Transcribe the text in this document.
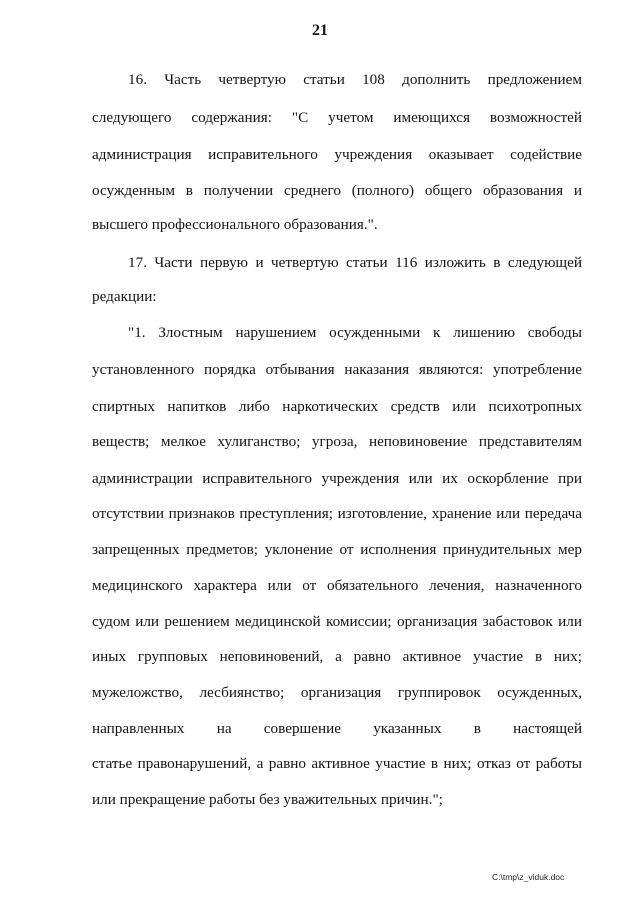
21
16. Часть четвертую статьи 108 дополнить предложением
следующего содержания: "С учетом имеющихся возможностей
администрация исправительного учреждения оказывает содействие
осужденным в получении среднего (полного) общего образования и
высшего профессионального образования.".
17. Части первую и четвертую статьи 116 изложить в следующей
редакции:
"1. Злостным нарушением осужденными к лишению свободы
установленного порядка отбывания наказания являются: употребление
спиртных напитков либо наркотических средств или психотропных
веществ; мелкое хулиганство; угроза, неповиновение представителям
администрации исправительного учреждения или их оскорбление при
отсутствии признаков преступления; изготовление, хранение или передача
запрещенных предметов; уклонение от исполнения принудительных мер
медицинского характера или от обязательного лечения, назначенного
судом или решением медицинской комиссии; организация забастовок или
иных групповых неповиновений, а равно активное участие в них;
мужеложство, лесбиянство; организация группировок осужденных,
направленных на совершение указанных в настоящей
статье правонарушений, а равно активное участие в них; отказ от работы
или прекращение работы без уважительных причин.";
C:\tmp\z_viduk.doc
